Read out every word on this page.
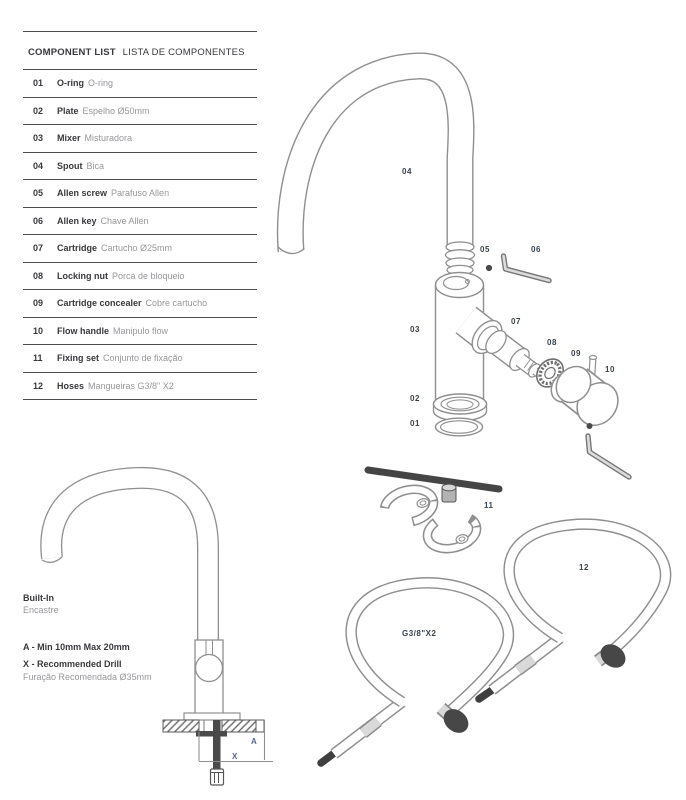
COMPONENT LIST LISTA DE COMPONENTES
01	O-ring O-ring
02	Plate Espelho Ø50mm
03	Mixer Misturadora
04	Spout Bica
05	Allen screw Parafuso Allen
06	Allen key Chave Allen
07	Cartridge Cartucho Ø25mm
08	Locking nut Porca de bloqueio
09	Cartridge concealer Cobre cartucho
10	Flow handle Manipulo flow
11	Fixing set Conjunto de fixação
12	Hoses Mangueiras G3/8" X2
04
05	06
03
07
08
09
10
02
01
11
12
G3/8"X2
A
X
Built-In
Encastre
A - Min 10mm Max 20mm
X - Recommended Drill
Furação Recomendada Ø35mm
